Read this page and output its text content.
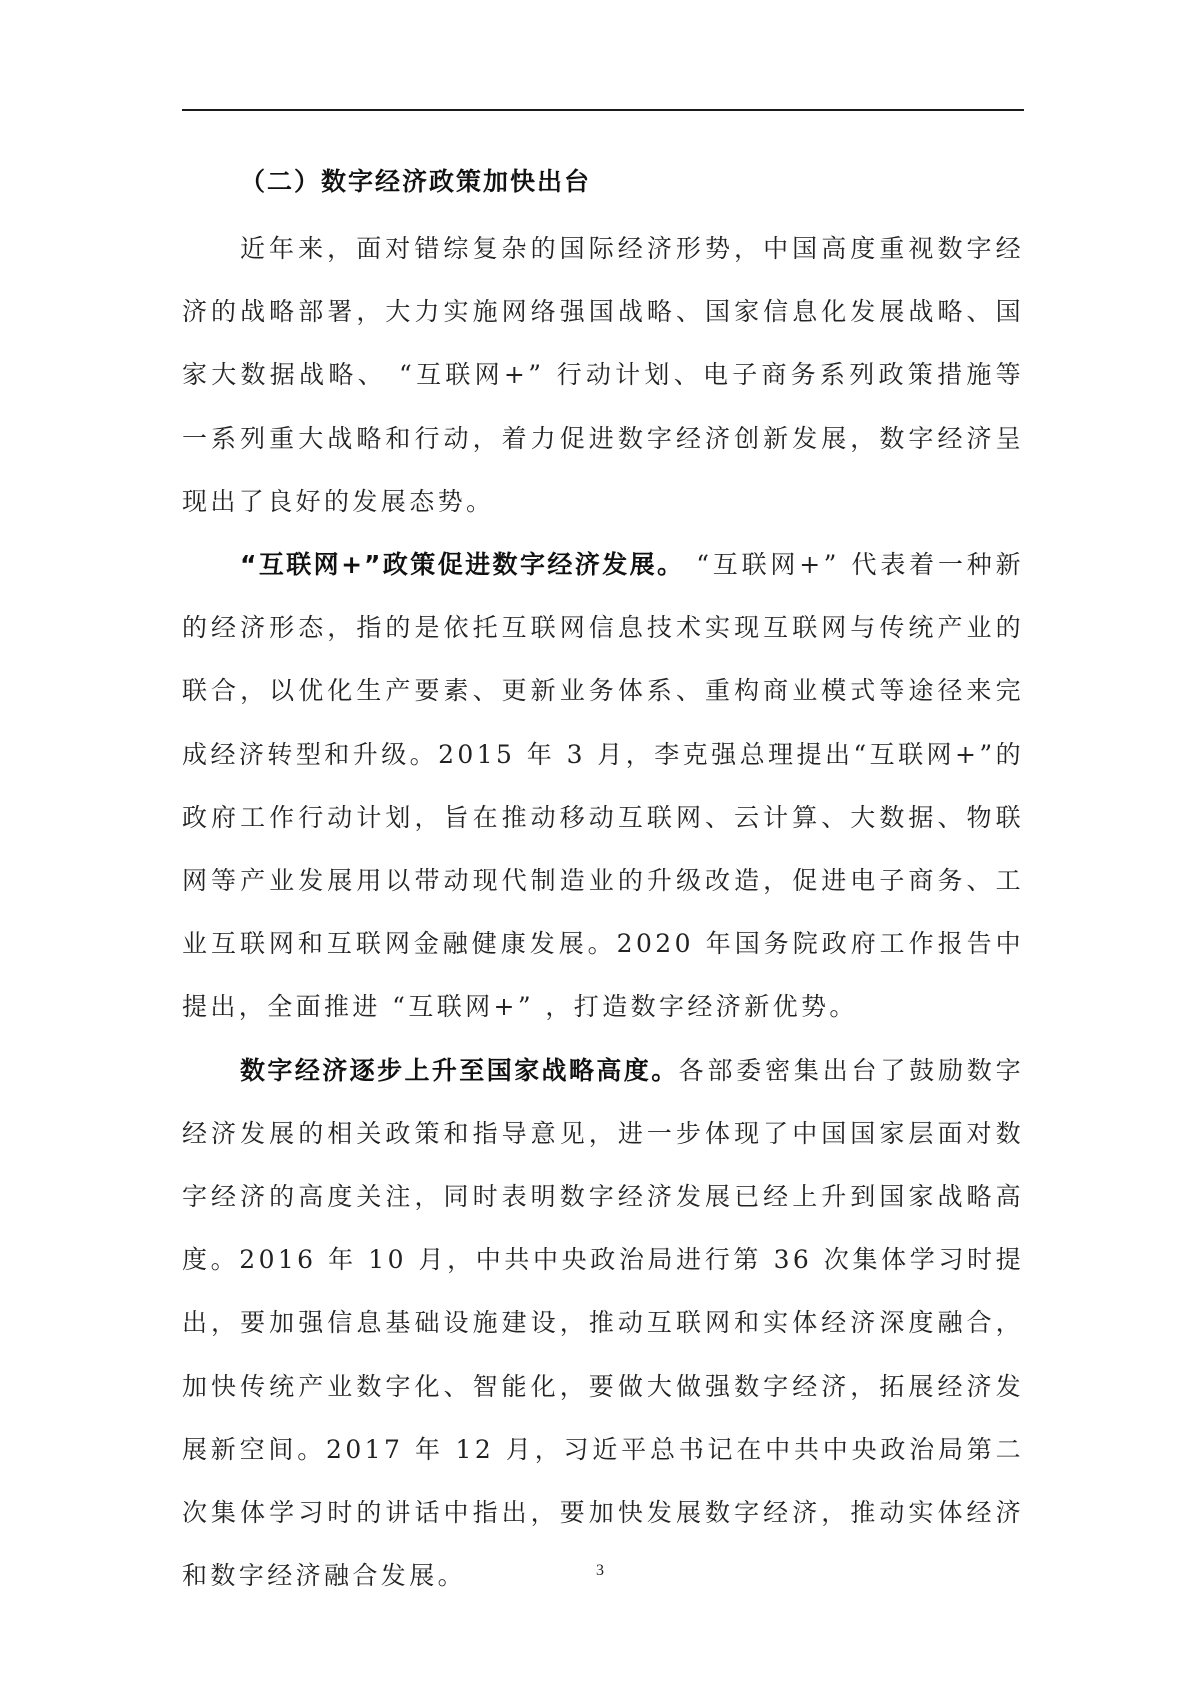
（二）数字经济政策加快出台

近年来，面对错综复杂的国际经济形势，中国高度重视数字经济的战略部署，大力实施网络强国战略、国家信息化发展战略、国家大数据战略、 “互联网+” 行动计划、电子商务系列政策措施等一系列重大战略和行动，着力促进数字经济创新发展，数字经济呈现出了良好的发展态势。

“互联网+”政策促进数字经济发展。 “互联网+” 代表着一种新的经济形态，指的是依托互联网信息技术实现互联网与传统产业的联合，以优化生产要素、更新业务体系、重构商业模式等途径来完成经济转型和升级。2015 年 3 月，李克强总理提出“互联网+”的政府工作行动计划，旨在推动移动互联网、云计算、大数据、物联网等产业发展用以带动现代制造业的升级改造，促进电子商务、工业互联网和互联网金融健康发展。2020 年国务院政府工作报告中提出，全面推进 “互联网+” ，打造数字经济新优势。

数字经济逐步上升至国家战略高度。各部委密集出台了鼓励数字经济发展的相关政策和指导意见，进一步体现了中国国家层面对数字经济的高度关注，同时表明数字经济发展已经上升到国家战略高度。2016 年 10 月，中共中央政治局进行第 36 次集体学习时提出，要加强信息基础设施建设，推动互联网和实体经济深度融合，加快传统产业数字化、智能化，要做大做强数字经济，拓展经济发展新空间。2017 年 12 月，习近平总书记在中共中央政治局第二次集体学习时的讲话中指出，要加快发展数字经济，推动实体经济和数字经济融合发展。	3
